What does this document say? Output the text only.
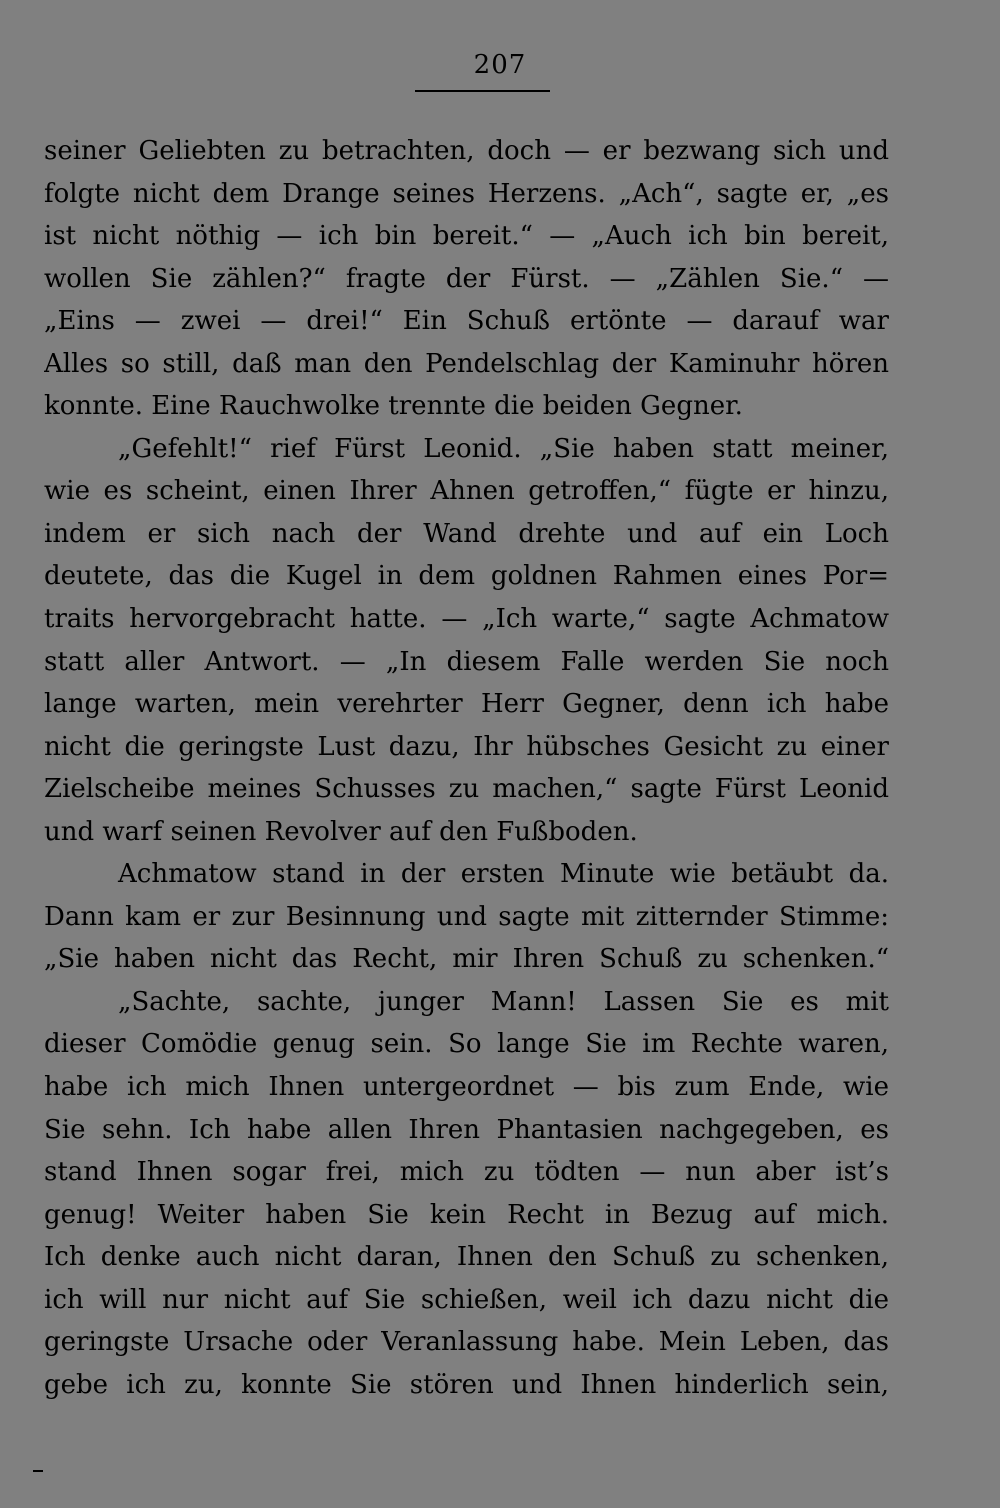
207
seiner Geliebten zu betrachten, doch — er bezwang sich und
folgte nicht dem Drange seines Herzens. „Ach“, sagte er, „es
ist nicht nöthig — ich bin bereit.“ — „Auch ich bin bereit,
wollen Sie zählen?“ fragte der Fürst. — „Zählen Sie.“ —
„Eins — zwei — drei!“ Ein Schuß ertönte — darauf war
Alles so still, daß man den Pendelschlag der Kaminuhr hören
konnte. Eine Rauchwolke trennte die beiden Gegner.
„Gefehlt!“ rief Fürst Leonid. „Sie haben statt meiner,
wie es scheint, einen Ihrer Ahnen getroffen,“ fügte er hinzu,
indem er sich nach der Wand drehte und auf ein Loch
deutete, das die Kugel in dem goldnen Rahmen eines Por=
traits hervorgebracht hatte. — „Ich warte,“ sagte Achmatow
statt aller Antwort. — „In diesem Falle werden Sie noch
lange warten, mein verehrter Herr Gegner, denn ich habe
nicht die geringste Lust dazu, Ihr hübsches Gesicht zu einer
Zielscheibe meines Schusses zu machen,“ sagte Fürst Leonid
und warf seinen Revolver auf den Fußboden.
Achmatow stand in der ersten Minute wie betäubt da.
Dann kam er zur Besinnung und sagte mit zitternder Stimme:
„Sie haben nicht das Recht, mir Ihren Schuß zu schenken.“
„Sachte, sachte, junger Mann! Lassen Sie es mit
dieser Comödie genug sein. So lange Sie im Rechte waren,
habe ich mich Ihnen untergeordnet — bis zum Ende, wie
Sie sehn. Ich habe allen Ihren Phantasien nachgegeben, es
stand Ihnen sogar frei, mich zu tödten — nun aber ist’s
genug! Weiter haben Sie kein Recht in Bezug auf mich.
Ich denke auch nicht daran, Ihnen den Schuß zu schenken,
ich will nur nicht auf Sie schießen, weil ich dazu nicht die
geringste Ursache oder Veranlassung habe. Mein Leben, das
gebe ich zu, konnte Sie stören und Ihnen hinderlich sein,
